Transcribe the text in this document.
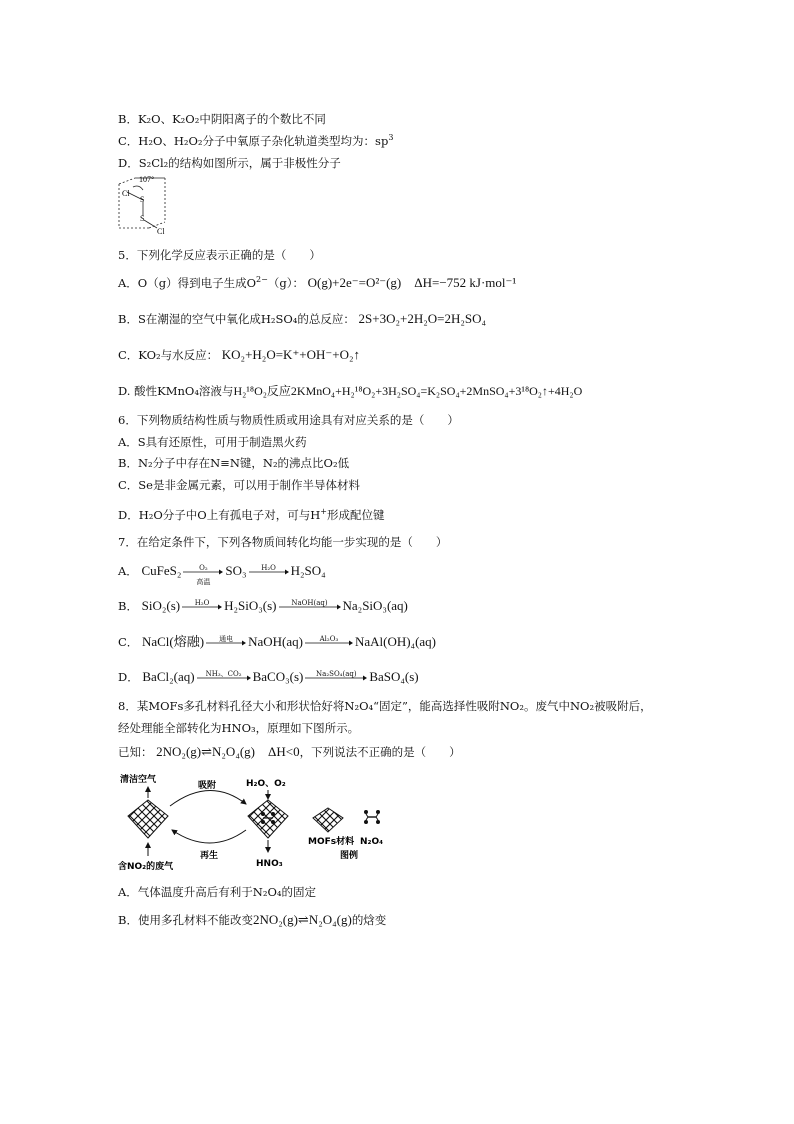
B．K₂O、K₂O₂中阴阳离子的个数比不同
C．H₂O、H₂O₂分子中氧原子杂化轨道类型均为：$sp^3$
D．S₂Cl₂的结构如图所示，属于非极性分子
107°
Cl
S
S
Cl
5．下列化学反应表示正确的是（　　）
A．O（g）得到电子生成$O^{2-}(g)$： O(g)+2e⁻=O²⁻(g)　ΔH=−752 kJ·mol⁻¹
B．S在潮湿的空气中氧化成H₂SO₄的总反应： 2S+3O₂+2H₂O=2H₂SO₄
C．KO₂与水反应： KO₂+H₂O=K⁺+OH⁻+O₂↑
D. 酸性KMnO₄溶液与H₂¹⁸O₂反应2KMnO₄+H₂¹⁸O₂+3H₂SO₄=K₂SO₄+2MnSO₄+3¹⁸O₂↑+4H₂O
6．下列物质结构性质与物质性质或用途具有对应关系的是（　　）
A．S具有还原性，可用于制造黑火药
B．N₂分子中存在N≡N键，N₂的沸点比O₂低
C．Se是非金属元素，可以用于制作半导体材料
D．H₂O分子中O上有孤电子对，可与H+形成配位键
7．在给定条件下，下列各物质间转化均能一步实现的是（　　）
A． CuFeS₂	O₂
高温
SO₃	H₂O	H₂SO₄
B． SiO₂(s)	H₂O	H₂SiO₃(s)	NaOH(aq)	Na₂SiO₃(aq)
C． NaCl(熔融)	通电	NaOH(aq)	Al₂O₃	NaAl(OH)₄(aq)
D． BaCl₂(aq)	NH₃、CO₂ BaCO₃(s)	Na₂SO₄(aq) BaSO₄(s)
8．某MOFs多孔材料孔径大小和形状恰好将N₂O₄“固定”，能高选择性吸附NO₂。废气中NO₂被吸附后，
经处理能全部转化为HNO₃，原理如下图所示。
已知： 2NO₂(g)⇌N₂O₄(g)　ΔH<0，下列说法不正确的是（　　）
清洁空气
含NO₂的废气
吸附
再生
H₂O、O₂
HNO₃
MOFs材料 N₂O₄
图例
A．气体温度升高后有利于N₂O₄的固定
B．使用多孔材料不能改变2NO₂(g)⇌N₂O₄(g)的焓变
